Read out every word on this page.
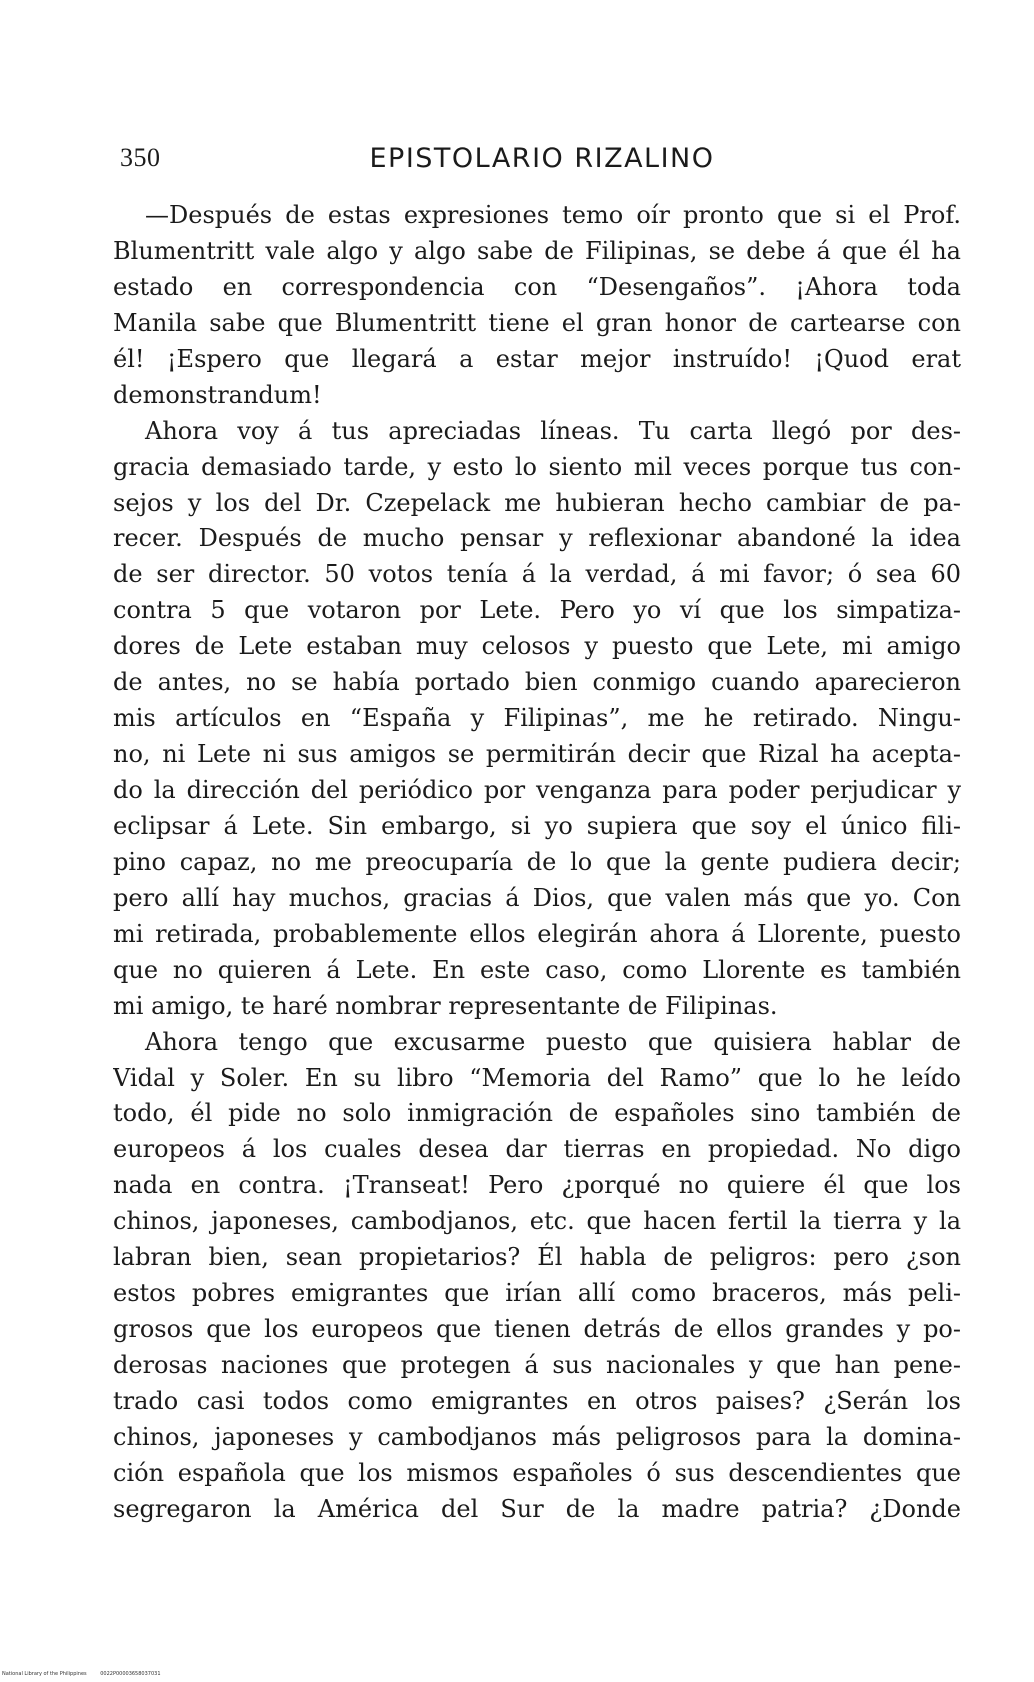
350	EPISTOLARIO RIZALINO
—Después de estas expresiones temo oír pronto que si el Prof.
Blumentritt vale algo y algo sabe de Filipinas, se debe á que él ha
estado en correspondencia con “Desengaños”. ¡Ahora toda
Manila sabe que Blumentritt tiene el gran honor de cartearse con
él! ¡Espero que llegará a estar mejor instruído! ¡Quod erat
demonstrandum!
Ahora voy á tus apreciadas líneas. Tu carta llegó por des-
gracia demasiado tarde, y esto lo siento mil veces porque tus con-
sejos y los del Dr. Czepelack me hubieran hecho cambiar de pa-
recer. Después de mucho pensar y reflexionar abandoné la idea
de ser director. 50 votos tenía á la verdad, á mi favor; ó sea 60
contra 5 que votaron por Lete. Pero yo ví que los simpatiza-
dores de Lete estaban muy celosos y puesto que Lete, mi amigo
de antes, no se había portado bien conmigo cuando aparecieron
mis artículos en “España y Filipinas”, me he retirado. Ningu-
no, ni Lete ni sus amigos se permitirán decir que Rizal ha acepta-
do la dirección del periódico por venganza para poder perjudicar y
eclipsar á Lete. Sin embargo, si yo supiera que soy el único fili-
pino capaz, no me preocuparía de lo que la gente pudiera decir;
pero allí hay muchos, gracias á Dios, que valen más que yo. Con
mi retirada, probablemente ellos elegirán ahora á Llorente, puesto
que no quieren á Lete. En este caso, como Llorente es también
mi amigo, te haré nombrar representante de Filipinas.
Ahora tengo que excusarme puesto que quisiera hablar de
Vidal y Soler. En su libro “Memoria del Ramo” que lo he leído
todo, él pide no solo inmigración de españoles sino también de
europeos á los cuales desea dar tierras en propiedad. No digo
nada en contra. ¡Transeat! Pero ¿porqué no quiere él que los
chinos, japoneses, cambodjanos, etc. que hacen fertil la tierra y la
labran bien, sean propietarios? Él habla de peligros: pero ¿son
estos pobres emigrantes que irían allí como braceros, más peli-
grosos que los europeos que tienen detrás de ellos grandes y po-
derosas naciones que protegen á sus nacionales y que han pene-
trado casi todos como emigrantes en otros paises? ¿Serán los
chinos, japoneses y cambodjanos más peligrosos para la domina-
ción española que los mismos españoles ó sus descendientes que
segregaron la América del Sur de la madre patria? ¿Donde
National Library of the Philippines	0022P00003658037031
